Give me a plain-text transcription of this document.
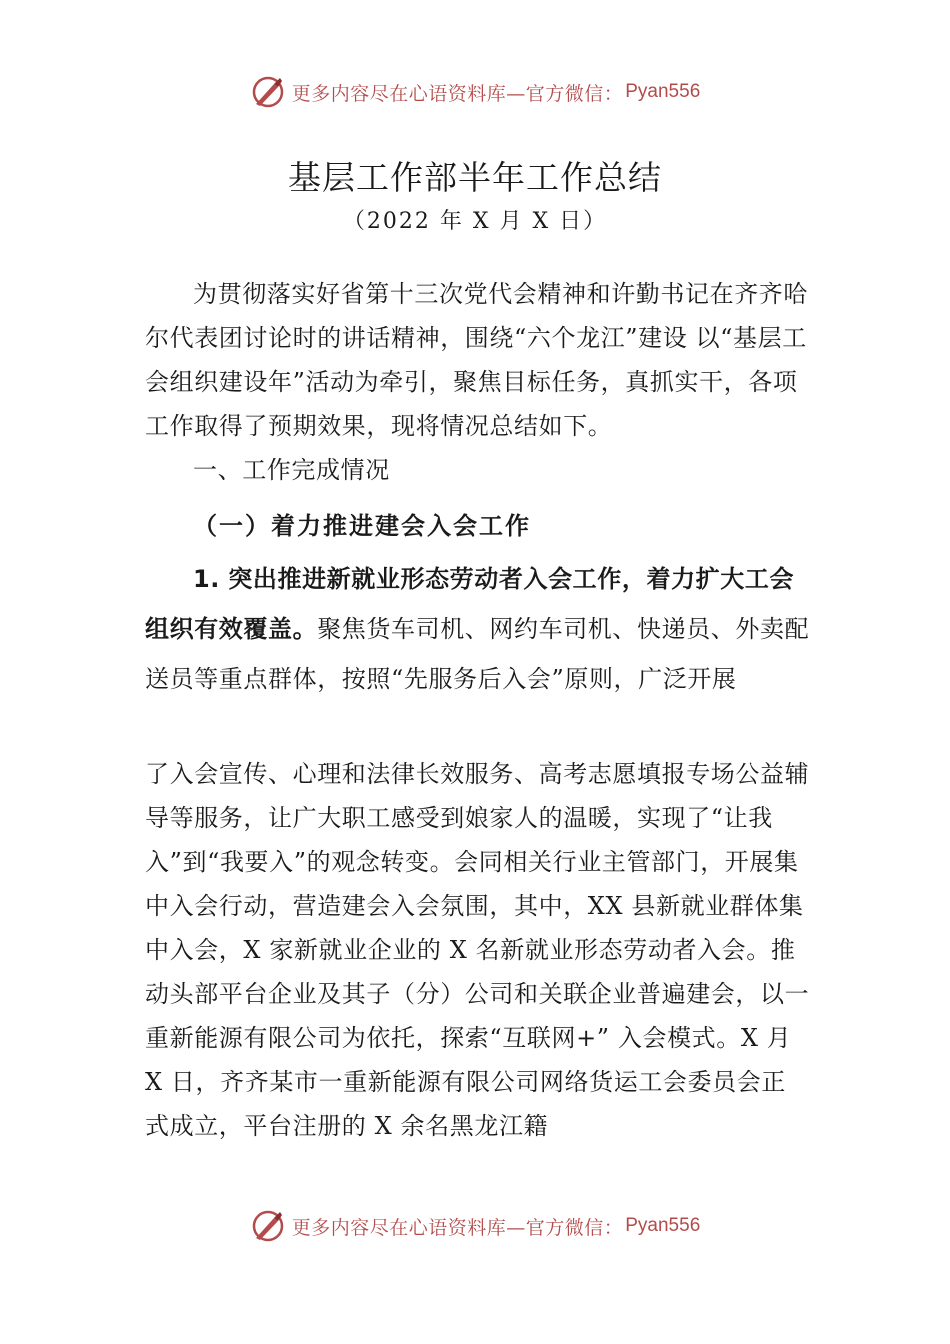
更多内容尽在心语资料库—官方微信： Pyan556
基层工作部半年工作总结
（2022 年 X 月 X 日）

为贯彻落实好省第十三次党代会精神和许勤书记在齐齐哈尔代表团讨论时的讲话精神，围绕“六个龙江”建设 以“基层工会组织建设年”活动为牵引，聚焦目标任务，真抓实干，各项工作取得了预期效果，现将情况总结如下。

一、工作完成情况
（一）着力推进建会入会工作

1. 突出推进新就业形态劳动者入会工作，着力扩大工会组织有效覆盖。聚焦货车司机、网约车司机、快递员、外卖配送员等重点群体，按照“先服务后入会”原则，广泛开展

了入会宣传、心理和法律长效服务、高考志愿填报专场公益辅导等服务，让广大职工感受到娘家人的温暖，实现了“让我入”到“我要入”的观念转变。会同相关行业主管部门，开展集中入会行动，营造建会入会氛围，其中，XX 县新就业群体集中入会，X 家新就业企业的 X 名新就业形态劳动者入会。推动头部平台企业及其子（分）公司和关联企业普遍建会，以一重新能源有限公司为依托，探索“互联网+” 入会模式。X 月 X 日，齐齐某市一重新能源有限公司网络货运工会委员会正式成立，平台注册的 X 余名黑龙江籍

更多内容尽在心语资料库—官方微信： Pyan556
